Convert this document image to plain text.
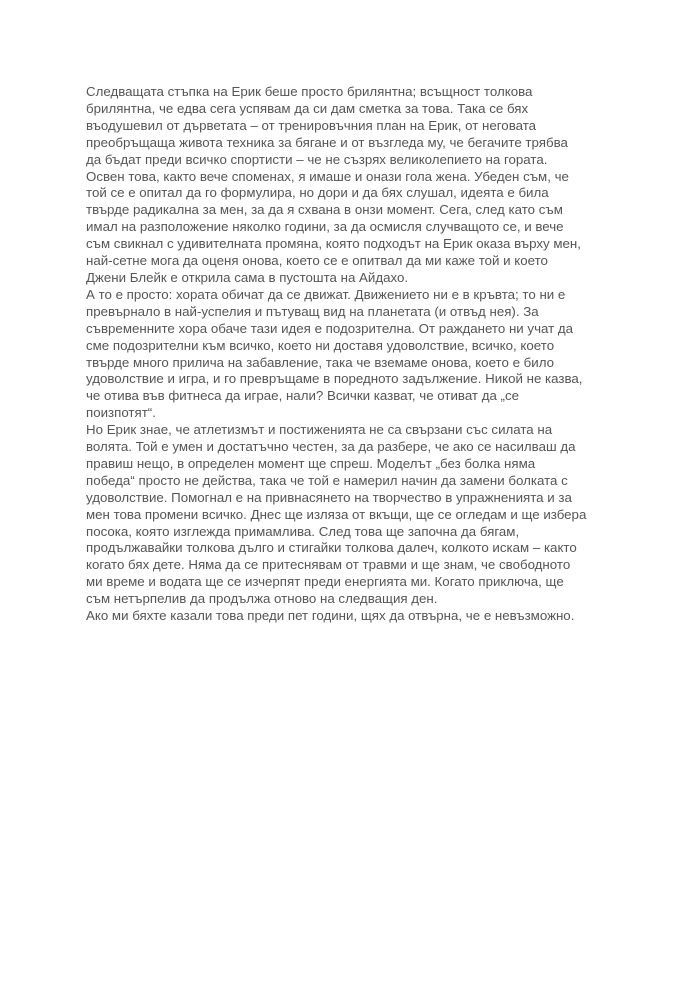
Следващата стъпка на Ерик беше просто брилянтна; всъщност толкова
брилянтна, че едва сега успявам да си дам сметка за това. Така се бях
въодушевил от дърветата – от тренировъчния план на Ерик, от неговата
преобръщаща живота техника за бягане и от възгледа му, че бегачите трябва
да бъдат преди всичко спортисти – че не съзрях великолепието на гората.
Освен това, както вече споменах, я имаше и онази гола жена. Убеден съм, че
той се е опитал да го формулира, но дори и да бях слушал, идеята е била
твърде радикална за мен, за да я схвана в онзи момент. Сега, след като съм
имал на разположение няколко години, за да осмисля случващото се, и вече
съм свикнал с удивителната промяна, която подходът на Ерик оказа върху мен,
най-сетне мога да оценя онова, което се е опитвал да ми каже той и което
Джени Блейк е открила сама в пустошта на Айдахо.
А то е просто: хората обичат да се движат. Движението ни е в кръвта; то ни е
превърнало в най-успелия и пътуващ вид на планетата (и отвъд нея). За
съвременните хора обаче тази идея е подозрителна. От раждането ни учат да
сме подозрителни към всичко, което ни доставя удоволствие, всичко, което
твърде много прилича на забавление, така че вземаме онова, което е било
удоволствие и игра, и го превръщаме в поредното задължение. Никой не казва,
че отива във фитнеса да играе, нали? Всички казват, че отиват да „се
поизпотят“.
Но Ерик знае, че атлетизмът и постиженията не са свързани със силата на
волята. Той е умен и достатъчно честен, за да разбере, че ако се насилваш да
правиш нещо, в определен момент ще спреш. Моделът „без болка няма
победа“ просто не действа, така че той е намерил начин да замени болката с
удоволствие. Помогнал е на привнасянето на творчество в упражненията и за
мен това промени всичко. Днес ще изляза от вкъщи, ще се огледам и ще избера
посока, която изглежда примамлива. След това ще започна да бягам,
продължавайки толкова дълго и стигайки толкова далеч, колкото искам – както
когато бях дете. Няма да се притеснявам от травми и ще знам, че свободното
ми време и водата ще се изчерпят преди енергията ми. Когато приключа, ще
съм нетърпелив да продължа отново на следващия ден.
Ако ми бяхте казали това преди пет години, щях да отвърна, че е невъзможно.
